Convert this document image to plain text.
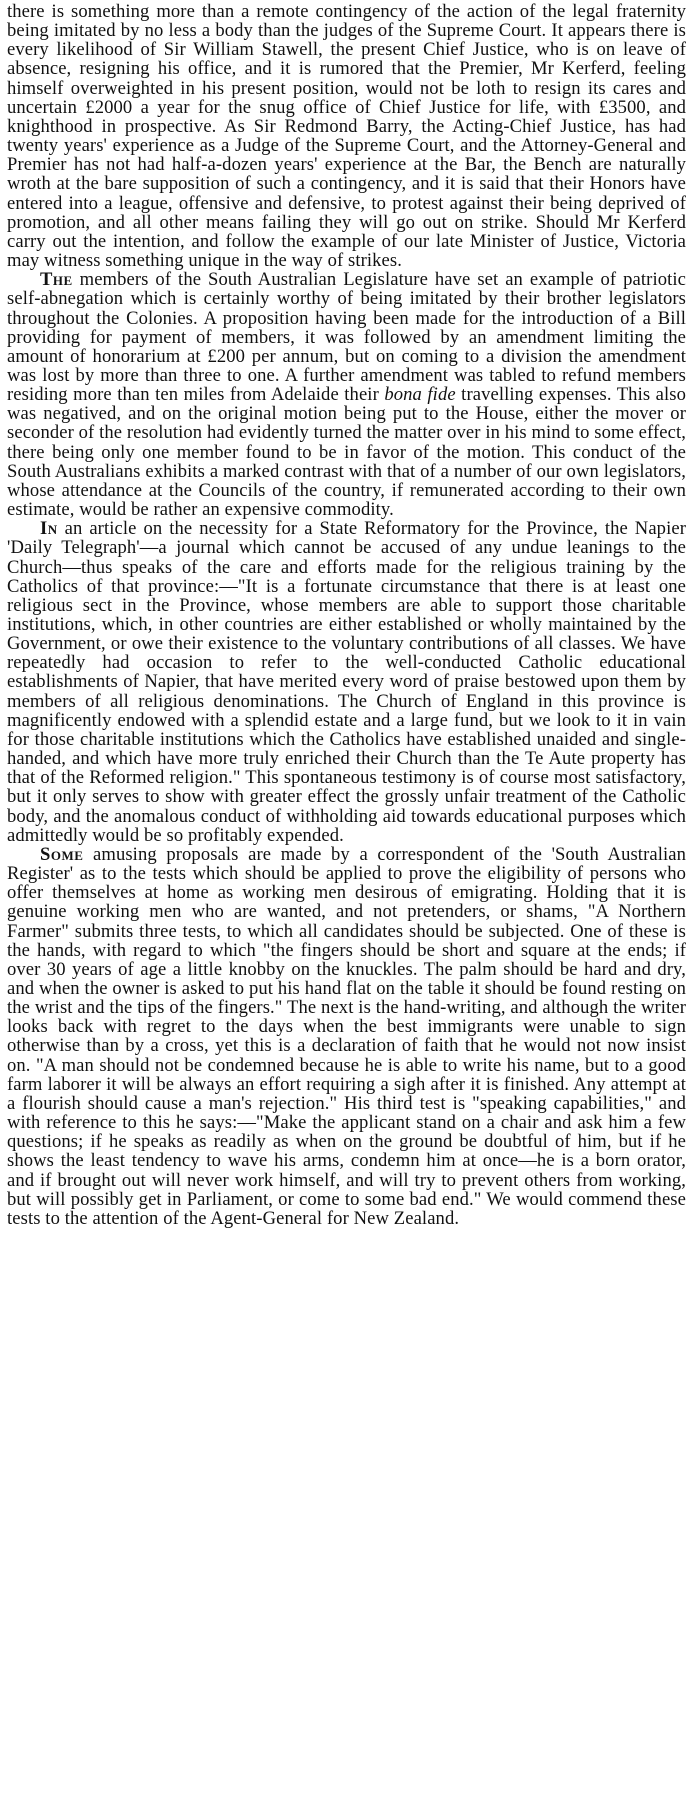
there is something more than a remote contingency of the action of the legal fraternity being imitated by no less a body than the judges of the Supreme Court. It appears there is every likelihood of Sir William Stawell, the present Chief Justice, who is on leave of absence, resigning his office, and it is rumored that the Premier, Mr Kerferd, feeling himself overweighted in his present position, would not be loth to resign its cares and uncertain £2000 a year for the snug office of Chief Justice for life, with £3500, and knighthood in prospective. As Sir Redmond Barry, the Acting-Chief Justice, has had twenty years' experience as a Judge of the Supreme Court, and the Attorney-General and Premier has not had half-a-dozen years' experience at the Bar, the Bench are naturally wroth at the bare supposition of such a contingency, and it is said that their Honors have entered into a league, offensive and defensive, to protest against their being deprived of promotion, and all other means failing they will go out on strike. Should Mr Kerferd carry out the intention, and follow the example of our late Minister of Justice, Victoria may witness something unique in the way of strikes.

The members of the South Australian Legislature have set an example of patriotic self-abnegation which is certainly worthy of being imitated by their brother legislators throughout the Colonies. A proposition having been made for the introduction of a Bill providing for payment of members, it was followed by an amendment limiting the amount of honorarium at £200 per annum, but on coming to a division the amendment was lost by more than three to one. A further amendment was tabled to refund members residing more than ten miles from Adelaide their bona fide travelling expenses. This also was negatived, and on the original motion being put to the House, either the mover or seconder of the resolution had evidently turned the matter over in his mind to some effect, there being only one member found to be in favor of the motion. This conduct of the South Australians exhibits a marked contrast with that of a number of our own legislators, whose attendance at the Councils of the country, if remunerated according to their own estimate, would be rather an expensive commodity.

In an article on the necessity for a State Reformatory for the Province, the Napier 'Daily Telegraph'—a journal which cannot be accused of any undue leanings to the Church—thus speaks of the care and efforts made for the religious training by the Catholics of that province:—"It is a fortunate circumstance that there is at least one religious sect in the Province, whose members are able to support those charitable institutions, which, in other countries are either established or wholly maintained by the Government, or owe their existence to the voluntary contributions of all classes. We have repeatedly had occasion to refer to the well-conducted Catholic educational establishments of Napier, that have merited every word of praise bestowed upon them by members of all religious denominations. The Church of England in this province is magnificently endowed with a splendid estate and a large fund, but we look to it in vain for those charitable institutions which the Catholics have established unaided and single-handed, and which have more truly enriched their Church than the Te Aute property has that of the Reformed religion." This spontaneous testimony is of course most satisfactory, but it only serves to show with greater effect the grossly unfair treatment of the Catholic body, and the anomalous conduct of withholding aid towards educational purposes which admittedly would be so profitably expended.

Some amusing proposals are made by a correspondent of the 'South Australian Register' as to the tests which should be applied to prove the eligibility of persons who offer themselves at home as working men desirous of emigrating. Holding that it is genuine working men who are wanted, and not pretenders, or shams, "A Northern Farmer" submits three tests, to which all candidates should be subjected. One of these is the hands, with regard to which "the fingers should be short and square at the ends; if over 30 years of age a little knobby on the knuckles. The palm should be hard and dry, and when the owner is asked to put his hand flat on the table it should be found resting on the wrist and the tips of the fingers." The next is the hand-writing, and although the writer looks back with regret to the days when the best immigrants were unable to sign otherwise than by a cross, yet this is a declaration of faith that he would not now insist on. "A man should not be condemned because he is able to write his name, but to a good farm laborer it will be always an effort requiring a sigh after it is finished. Any attempt at a flourish should cause a man's rejection." His third test is "speaking capabilities," and with reference to this he says:—"Make the applicant stand on a chair and ask him a few questions; if he speaks as readily as when on the ground be doubtful of him, but if he shows the least tendency to wave his arms, condemn him at once—he is a born orator, and if brought out will never work himself, and will try to prevent others from working, but will possibly get in Parliament, or come to some bad end." We would commend these tests to the attention of the Agent-General for New Zealand.
